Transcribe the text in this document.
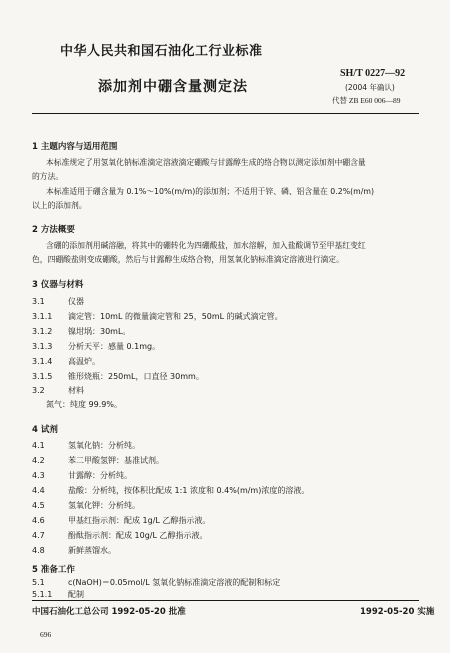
中华人民共和国石油化工行业标准
添加剂中硼含量测定法
SH/T 0227—92
(2004 年确认)
代替 ZB E60 006—89
1 主题内容与适用范围
本标准规定了用氢氧化钠标准滴定溶液滴定硼酸与甘露醇生成的络合物以测定添加剂中硼含量
的方法。
本标准适用于硼含量为 0.1%～10%(m/m)的添加剂；不适用于锌、磷、铝含量在 0.2%(m/m)
以上的添加剂。
2 方法概要
含硼的添加剂用碱溶融，将其中的硼转化为四硼酸盐，加水溶解，加入盐酸调节至甲基红变红
色，四硼酸盐则变成硼酸，然后与甘露醇生成络合物，用氢氧化钠标准滴定溶液进行滴定。
3 仪器与材料
3.1	仪器
3.1.1 滴定管：10mL 的微量滴定管和 25，50mL 的碱式滴定管。
3.1.2 镍坩埚：30mL。
3.1.3 分析天平：感量 0.1mg。
3.1.4 高温炉。
3.1.5 锥形烧瓶：250mL，口直径 30mm。
3.2	材料
氮气：纯度 99.9%。
4 试剂
4.1	氢氧化钠：分析纯。
4.2	苯二甲酸氢钾：基准试剂。
4.3	甘露醇：分析纯。
4.4	盐酸：分析纯，按体积比配成 1:1 浓度和 0.4%(m/m)浓度的溶液。
4.5	氢氧化钾：分析纯。
4.6	甲基红指示剂：配成 1g/L 乙醇指示液。
4.7	酚酞指示剂：配成 10g/L 乙醇指示液。
4.8	新鲜蒸馏水。
5 准备工作
5.1	c(NaOH)＝0.05mol/L 氢氧化钠标准滴定溶液的配制和标定
5.1.1 配制
中国石油化工总公司 1992-05-20 批准	1992-05-20 实施
696
